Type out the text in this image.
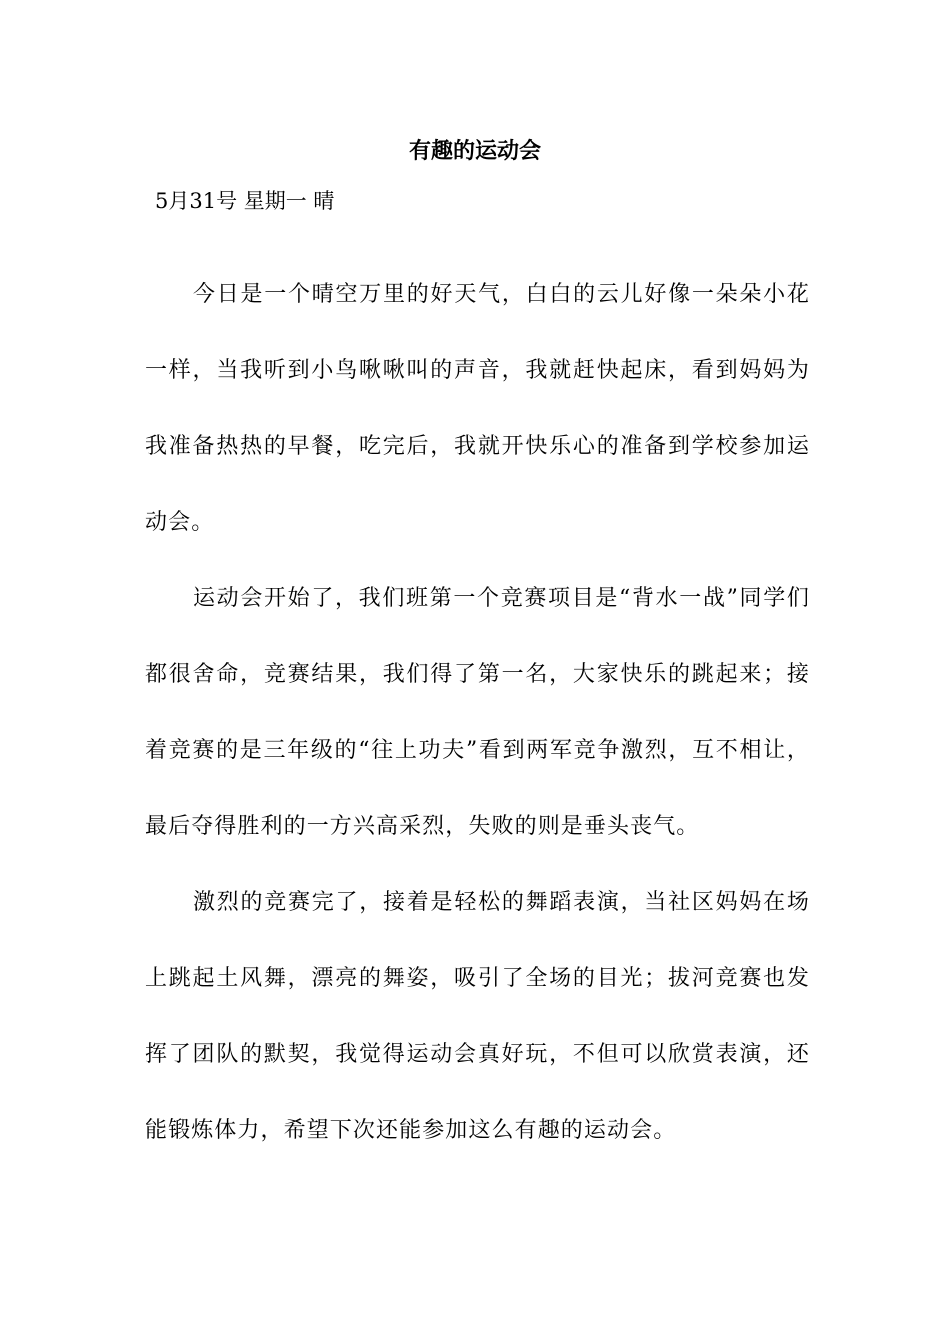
有趣的运动会
5月31号 星期一 晴

今日是一个晴空万里的好天气，白白的云儿好像一朵朵小花一样，当我听到小鸟啾啾叫的声音，我就赶快起床，看到妈妈为我准备热热的早餐，吃完后，我就开快乐心的准备到学校参加运动会。

运动会开始了，我们班第一个竞赛项目是“背水一战”同学们都很舍命，竞赛结果，我们得了第一名，大家快乐的跳起来；接着竞赛的是三年级的“往上功夫”看到两军竞争激烈，互不相让，最后夺得胜利的一方兴高采烈，失败的则是垂头丧气。

激烈的竞赛完了，接着是轻松的舞蹈表演，当社区妈妈在场上跳起土风舞，漂亮的舞姿，吸引了全场的目光；拔河竞赛也发挥了团队的默契，我觉得运动会真好玩，不但可以欣赏表演，还能锻炼体力，希望下次还能参加这么有趣的运动会。
